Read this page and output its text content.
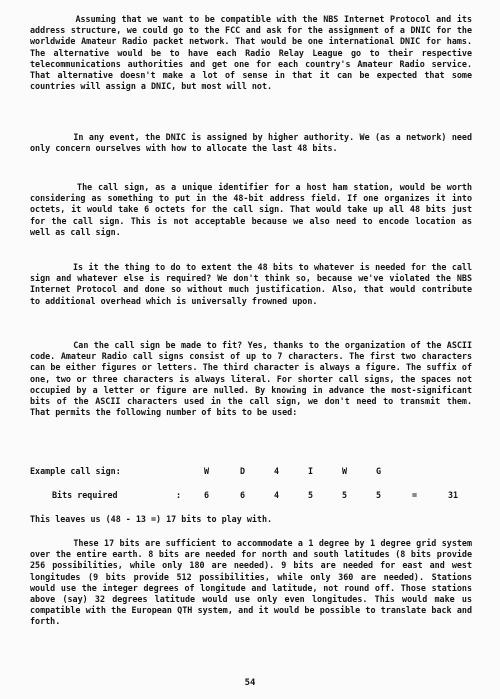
Assuming that we want to be compatible with the NBS Internet Protocol and its address structure, we could go to the FCC and ask for the assignment of a DNIC for the worldwide Amateur Radio packet network. That would be one international DNIC for hams. The alternative would be to have each Radio Relay League go to their respective telecommunications authorities and get one for each country's Amateur Radio service. That alternative doesn't make a lot of sense in that it can be expected that some countries will assign a DNIC, but most will not.

In any event, the DNIC is assigned by higher authority. We (as a network) need only concern ourselves with how to allocate the last 48 bits.

The call sign, as a unique identifier for a host ham station, would be worth considering as something to put in the 48-bit address field. If one organizes it into octets, it would take 6 octets for the call sign. That would take up all 48 bits just for the call sign. This is not acceptable because we also need to encode location as well as call sign.

Is it the thing to do to extent the 48 bits to whatever is needed for the call sign and whatever else is required? We don't think so, because we've violated the NBS Internet Protocol and done so without much justification. Also, that would contribute to additional overhead which is universally frowned upon.

Can the call sign be made to fit? Yes, thanks to the organization of the ASCII code. Amateur Radio call signs consist of up to 7 characters. The first two characters can be either figures or letters. The third character is always a figure. The suffix of one, two or three characters is always literal. For shorter call signs, the spaces not occupied by a letter or figure are nulled. By knowing in advance the most-significant bits of the ASCII characters used in the call sign, we don't need to transmit them. That permits the following number of bits to be used:

Example call sign:	W	D	4	I	W	G
Bits required	:	6	6	4	5	5	5	=	31

This leaves us (48 - 13 =) 17 bits to play with.

These 17 bits are sufficient to accommodate a 1 degree by 1 degree grid system over the entire earth. 8 bits are needed for north and south latitudes (8 bits provide 256 possibilities, while only 180 are needed). 9 bits are needed for east and west longitudes (9 bits provide 512 possibilities, while only 360 are needed). Stations would use the integer degrees of longitude and latitude, not round off. Those stations above (say) 32 degrees latitude would use only even longitudes. This would make us compatible with the European QTH system, and it would be possible to translate back and forth.

54
